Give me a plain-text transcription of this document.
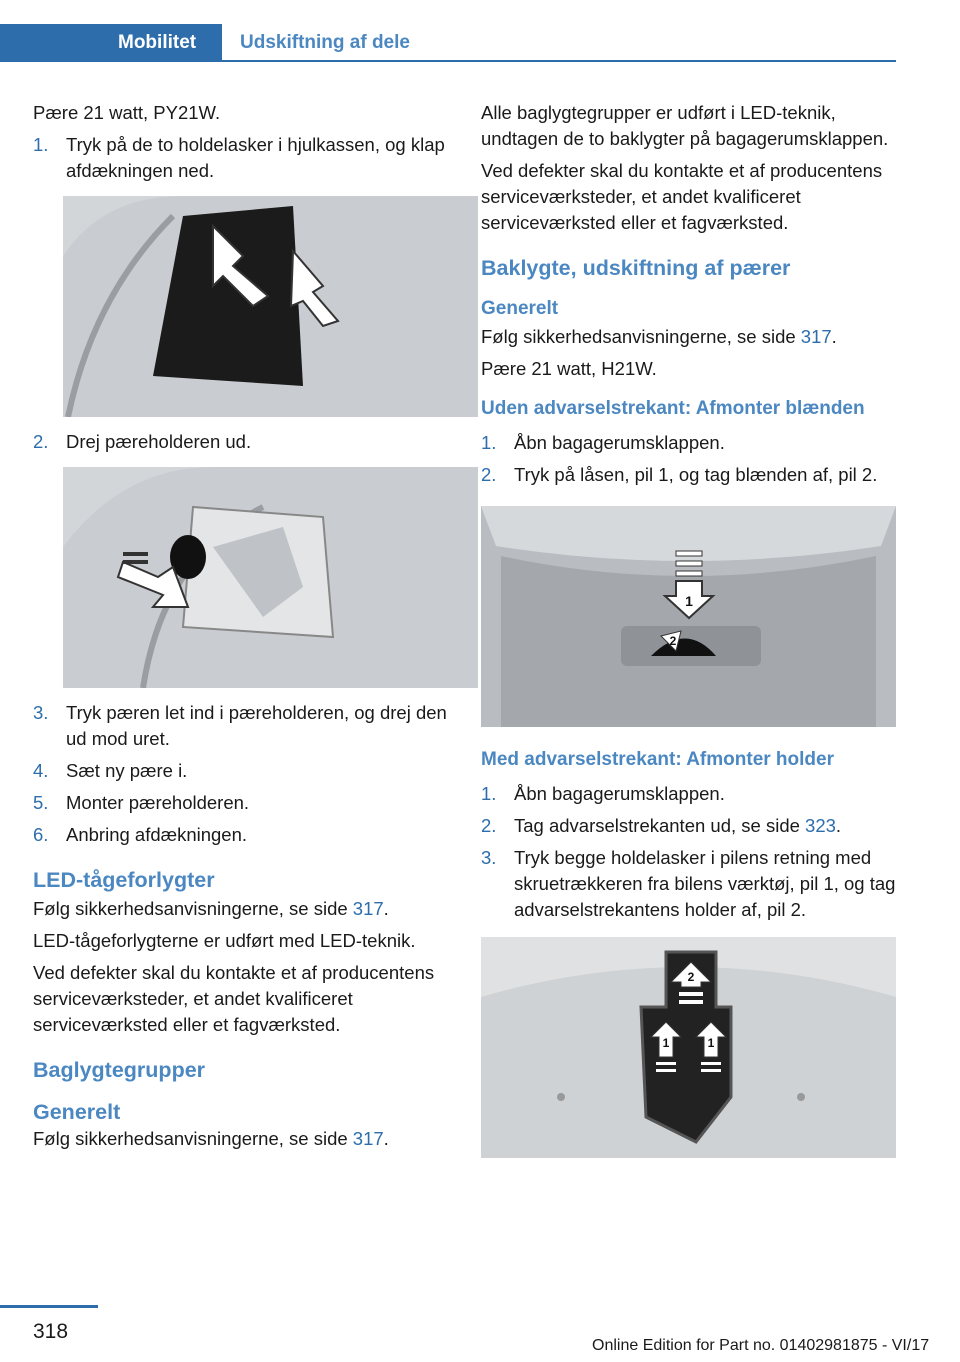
Mobilitet Udskiftning af dele

Pære 21 watt, PY21W.

1. Tryk på de to holdelasker i hjulkassen, og klap afdækningen ned.
2. Drej pæreholderen ud.
3. Tryk pæren let ind i pæreholderen, og drej den ud mod uret.
4. Sæt ny pære i.
5. Monter pæreholderen.
6. Anbring afdækningen.
LED-tågeforlygter

Følg sikkerhedsanvisningerne, se side 317.

LED-tågeforlygterne er udført med LED-teknik.

Ved defekter skal du kontakte et af producentens serviceværksteder, et andet kvalificeret serviceværksted eller et fagværksted.

Baglygtegrupper
Generelt

Følg sikkerhedsanvisningerne, se side 317.

Alle baglygtegrupper er udført i LED-teknik, undtagen de to baklygter på bagagerumsklappen.

Ved defekter skal du kontakte et af producentens serviceværksteder, et andet kvalificeret serviceværksted eller et fagværksted.

Baklygte, udskiftning af pærer
Generelt

Følg sikkerhedsanvisningerne, se side 317.

Pære 21 watt, H21W.

Uden advarselstrekant: Afmonter blænden
1. Åbn bagagerumsklappen.
2. Tryk på låsen, pil 1, og tag blænden af, pil 2.
1
2
Med advarselstrekant: Afmonter holder
1. Åbn bagagerumsklappen.
2. Tag advarselstrekanten ud, se side 323.
3. Tryk begge holdelasker i pilens retning med skruetrækkeren fra bilens værktøj, pil 1, og tag advarselstrekantens holder af, pil 2.
2
1	1
318
Online Edition for Part no. 01402981875 - VI/17
